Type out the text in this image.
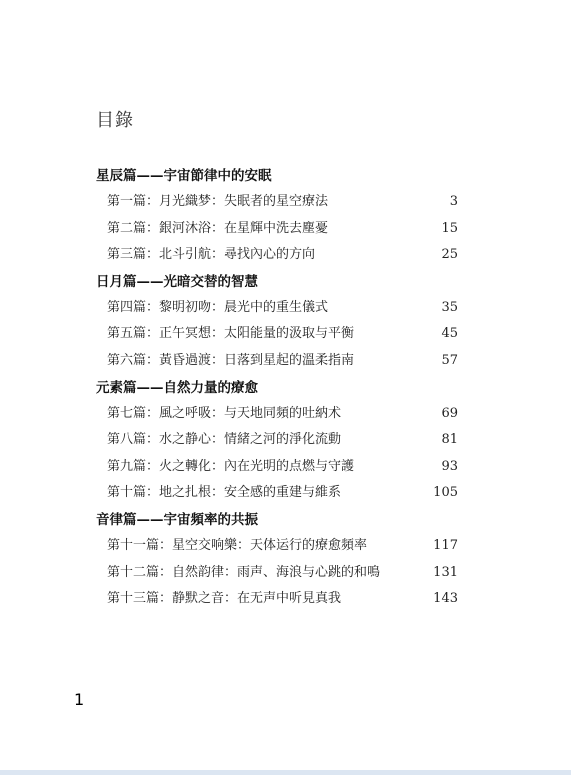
目錄
星辰篇——宇宙節律中的安眠
第一篇：月光織梦：失眠者的星空療法	3
第二篇：銀河沐浴：在星輝中洗去塵憂	15
第三篇：北斗引航：尋找內心的方向	25
日月篇——光暗交替的智慧
第四篇：黎明初吻：晨光中的重生儀式	35
第五篇：正午冥想：太阳能量的汲取与平衡	45
第六篇：黃昏過渡：日落到星起的溫柔指南	57
元素篇——自然力量的療愈
第七篇：風之呼吸：与天地同頻的吐納术	69
第八篇：水之静心：情緒之河的淨化流動	81
第九篇：火之轉化：內在光明的点燃与守護	93
第十篇：地之扎根：安全感的重建与維系	105
音律篇——宇宙頻率的共振
第十一篇：星空交响樂：天体运行的療愈頻率	117
第十二篇：自然韵律：雨声、海浪与心跳的和鳴	131
第十三篇：静默之音：在无声中听見真我	143
1
